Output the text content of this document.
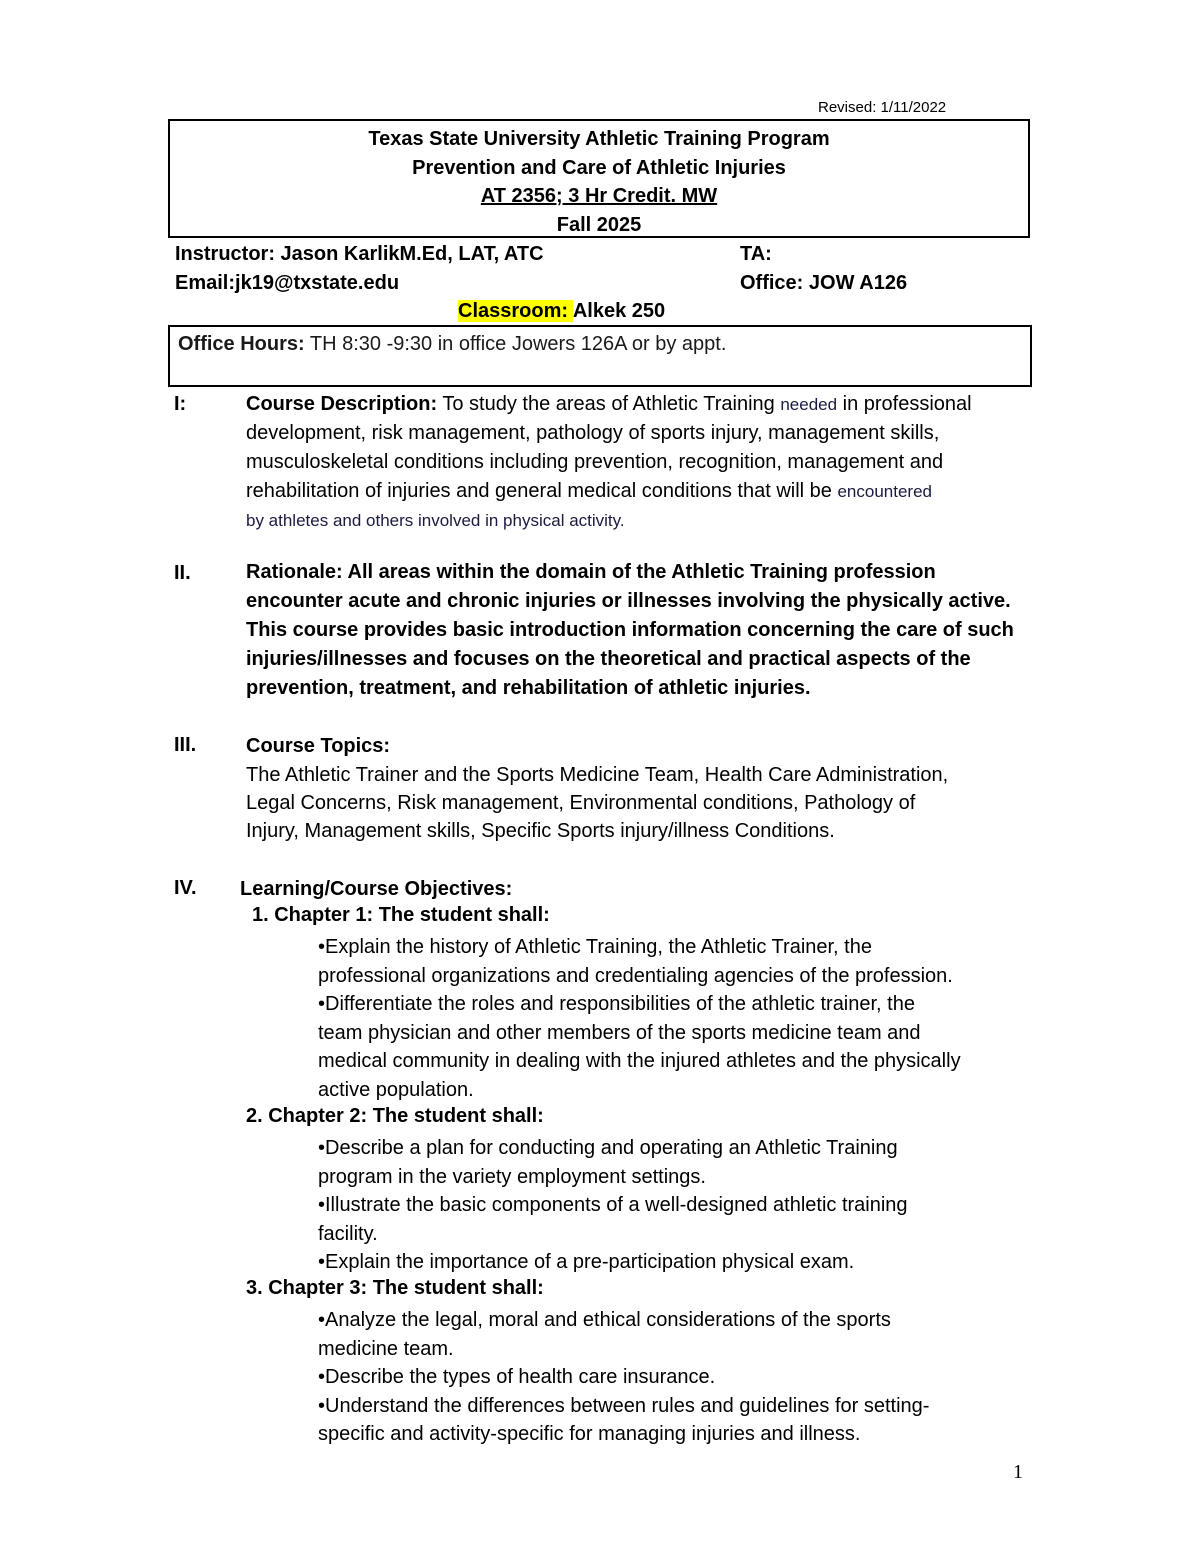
Revised: 1/11/2022
Texas State University Athletic Training Program
Prevention and Care of Athletic Injuries
AT 2356; 3 Hr Credit. MW
Fall 2025
Instructor: Jason KarlikM.Ed, LAT, ATC	TA:
Email:jk19@txstate.edu	Office: JOW A126
Classroom: Alkek 250
Office Hours: TH 8:30 -9:30 in office Jowers 126A or by appt.
I:	Course Description: To study the areas of Athletic Training needed in professional
development, risk management, pathology of sports injury, management skills,
musculoskeletal conditions including prevention, recognition, management and
rehabilitation of injuries and general medical conditions that will be encountered
by athletes and others involved in physical activity.
II.	Rationale: All areas within the domain of the Athletic Training profession
encounter acute and chronic injuries or illnesses involving the physically active.
This course provides basic introduction information concerning the care of such
injuries/illnesses and focuses on the theoretical and practical aspects of the
prevention, treatment, and rehabilitation of athletic injuries.
III. Course Topics:
The Athletic Trainer and the Sports Medicine Team, Health Care Administration,
Legal Concerns, Risk management, Environmental conditions, Pathology of
Injury, Management skills, Specific Sports injury/illness Conditions.
IV. Learning/Course Objectives:
1. Chapter 1: The student shall:
•Explain the history of Athletic Training, the Athletic Trainer, the
professional organizations and credentialing agencies of the profession.
•Differentiate the roles and responsibilities of the athletic trainer, the
team physician and other members of the sports medicine team and
medical community in dealing with the injured athletes and the physically
active population.
2. Chapter 2: The student shall:
•Describe a plan for conducting and operating an Athletic Training
program in the variety employment settings.
•Illustrate the basic components of a well-designed athletic training
facility.
•Explain the importance of a pre-participation physical exam.
3. Chapter 3: The student shall:
•Analyze the legal, moral and ethical considerations of the sports
medicine team.
•Describe the types of health care insurance.
•Understand the differences between rules and guidelines for setting-
specific and activity-specific for managing injuries and illness.
1
